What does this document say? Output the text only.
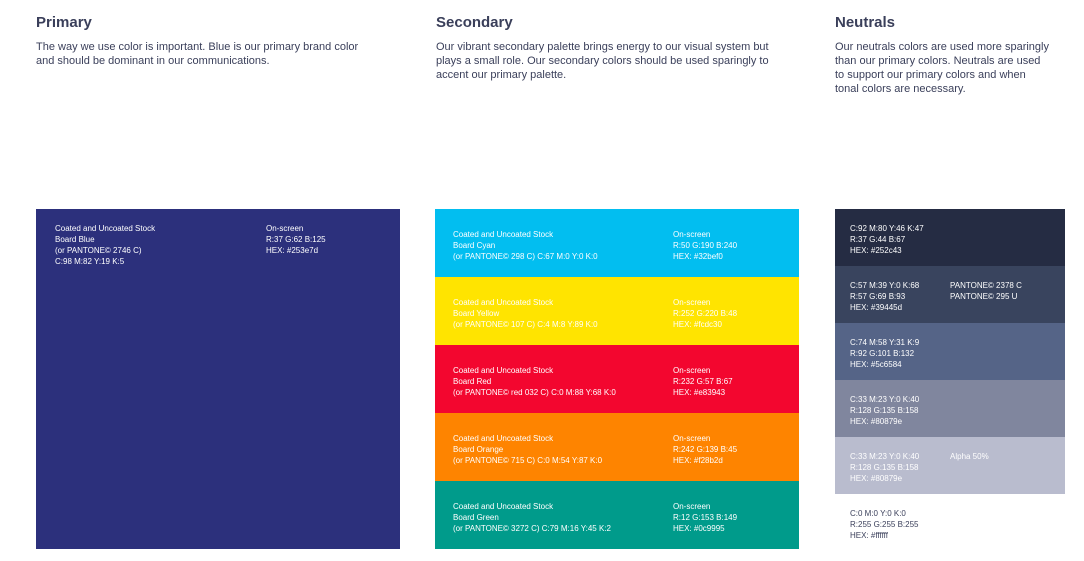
Primary

The way we use color is important. Blue is our primary brand color
and should be dominant in our communications.

Secondary

Our vibrant secondary palette brings energy to our visual system but
plays a small role. Our secondary colors should be used sparingly to
accent our primary palette.

Neutrals

Our neutrals colors are used more sparingly
than our primary colors. Neutrals are used
to support our primary colors and when
tonal colors are necessary.

Coated and Uncoated Stock
Board Blue
(or PANTONE© 2746 C)
C:98 M:82 Y:19 K:5
On-screen
R:37 G:62 B:125
HEX: #253e7d
Coated and Uncoated Stock
Board Cyan
(or PANTONE© 298 C) C:67 M:0 Y:0 K:0
On-screen
R:50 G:190 B:240
HEX: #32bef0
Coated and Uncoated Stock
Board Yellow
(or PANTONE© 107 C) C:4 M:8 Y:89 K:0
On-screen
R:252 G:220 B:48
HEX: #fcdc30
Coated and Uncoated Stock
Board Red
(or PANTONE© red 032 C) C:0 M:88 Y:68 K:0
On-screen
R:232 G:57 B:67
HEX: #e83943
Coated and Uncoated Stock
Board Orange
(or PANTONE© 715 C) C:0 M:54 Y:87 K:0
On-screen
R:242 G:139 B:45
HEX: #f28b2d
Coated and Uncoated Stock
Board Green
(or PANTONE© 3272 C) C:79 M:16 Y:45 K:2
On-screen
R:12 G:153 B:149
HEX: #0c9995
C:92 M:80 Y:46 K:47
R:37 G:44 B:67
HEX: #252c43
C:57 M:39 Y:0 K:68
R:57 G:69 B:93
HEX: #39445d
PANTONE© 2378 C
PANTONE© 295 U
C:74 M:58 Y:31 K:9
R:92 G:101 B:132
HEX: #5c6584
C:33 M:23 Y:0 K:40
R:128 G:135 B:158
HEX: #80879e
C:33 M:23 Y:0 K:40
R:128 G:135 B:158
HEX: #80879e
Alpha 50%
C:0 M:0 Y:0 K:0
R:255 G:255 B:255
HEX: #ffffff
